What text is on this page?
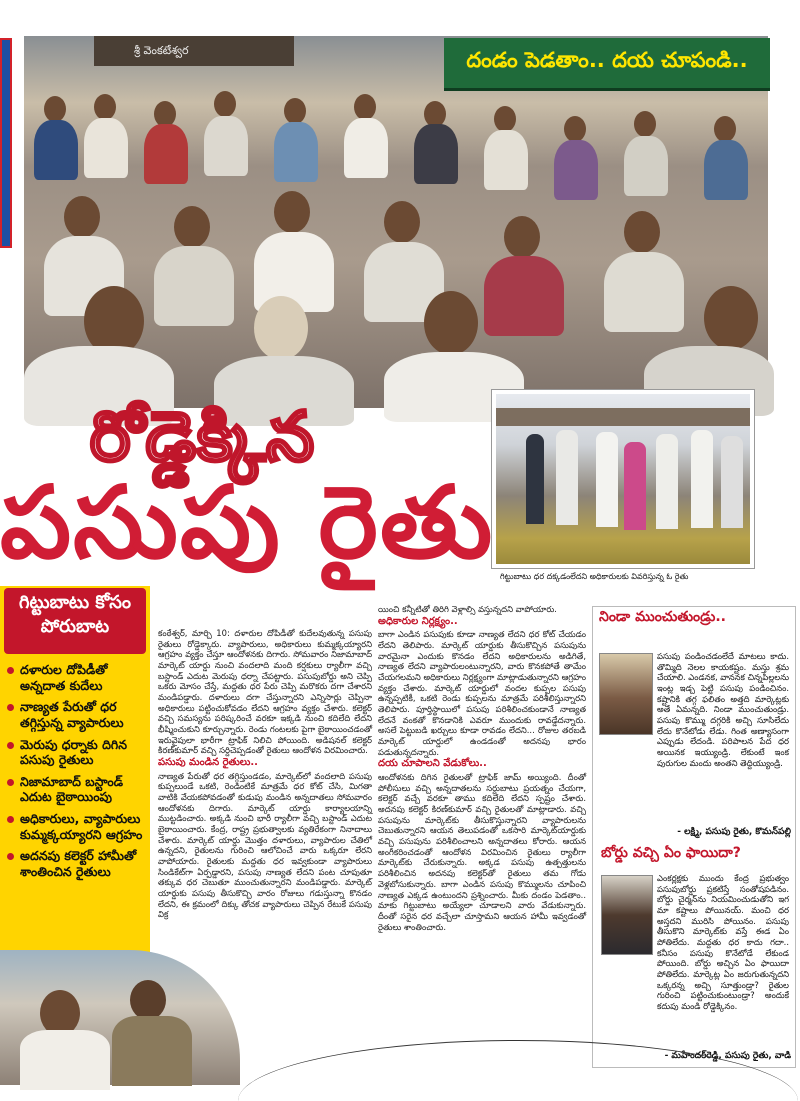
శ్రీ వెంకటేశ్వర	దండం పెడతాం.. దయ చూపండి..
గిట్టుబాటు ధర దక్కడంలేదని అధికారులకు వివరిస్తున్న ఓ రైతు
రోడ్డెక్కిన
పసుపు రైతు
గిట్టుబాటు కోసం పోరుబాట
దళారుల దోపిడీతో అన్నదాత కుదేలు
నాణ్యత పేరుతో ధర తగ్గిస్తున్న వ్యాపారులు
మెరుపు ధర్నాకు దిగిన పసుపు రైతులు
నిజామాబాద్ బస్టాండ్ ఎదుట బైఠాయింపు
అధికారులు, వ్యాపారులు కుమ్మక్కయ్యారని ఆగ్రహం
అదనపు కలెక్టర్ హామీతో శాంతించిన రైతులు

కంఠేశ్వర్, మార్చి 10: దళారుల దోపిడీతో కుదేలవుతున్న పసుపు రైతులు రోడ్డెక్కారు. వ్యాపారులు, అధికారులు కుమ్మక్కయ్యారని ఆగ్రహం వ్యక్తం చేస్తూ ఆందోళనకు దిగారు. సోమవారం నిజామాబాద్ మార్కెట్ యార్డు నుంచి వందలాది మంది కర్షకులు ర్యాలీగా వచ్చి బస్టాండ్ ఎదుట మెరుపు ధర్నా చేపట్టారు. పసుపుబోర్డు అని చెప్పి ఒకరు మోసం చేస్తే, మద్దతు ధర పేరు చెప్పి మరొకరు దగా చేశారని మండిపడ్డారు. దళారులు దగా చేస్తున్నారని ఎన్నిసార్లు చెప్పినా అధికారులు పట్టించుకోవడం లేదని ఆగ్రహం వ్యక్తం చేశారు. కలెక్టర్ వచ్చి సమస్యను పరిష్కరించే వరకూ ఇక్కడి నుంచి కదిలేది లేదని భీష్మించుకుని కూర్చున్నారు. రెండు గంటలకు పైగా బైఠాయించడంతో ఇరువైపులా భారీగా ట్రాఫిక్ నిలిచి పోయింది. అడిషనల్ కలెక్టర్ కిరణ్‌కుమార్ వచ్చి సర్దిచెప్పడంతో రైతులు ఆందోళన విరమించారు.

పసుపు మండిన రైతులు..

నాణ్యత పేరుతో ధర తగ్గిస్తుండడం, మార్కెట్‌లో వందలాది పసుపు కుప్పలుండే ఒకటి, రెండింటికే మాత్రమే ధర కోట్ చేసి, మిగతా వాటికి వేయకపోవడంతో కుడుపు మండిన అన్నదాతలు సోమవారం ఆందోళనకు దిగారు. మార్కెట్ యార్డు కార్యాలయాన్ని ముట్టడించారు. అక్కడి నుంచి భారీ ర్యాలీగా వచ్చి బస్టాండ్ ఎదుట బైఠాయించారు. కేంద్ర, రాష్ట్ర ప్రభుత్వాలకు వ్యతిరేకంగా నినాదాలు చేశారు. మార్కెట్ యార్డు మొత్తం దళారులు, వ్యాపారుల చేతిలో ఉన్నదని, రైతులను గురించి ఆలోచించే వారు ఒక్కరూ లేరని వాపోయారు. రైతులకు మద్దతు ధర ఇవ్వకుండా వ్యాపారులు సిండికేట్‌గా ఏర్పడ్డారని, పసుపు నాణ్యత లేదని పంట చూపుతూ తక్కువ ధర చెబుతూ ముంచుతున్నారని మండిపడ్డారు. మార్కెట్ యార్డుకు పసుపు తీసుకొచ్చి వారం రోజులు గడుస్తున్నా కొనడం లేదని, ఈ క్రమంలో దిక్కు తోచక వ్యాపారులు చెప్పిన రేటుకే పసుపు విక్ర

యించి కన్నీటితో తిరిగి వెళ్లాల్సి వస్తున్నదని వాపోయారు.

అధికారుల నిర్లక్ష్యం..

బాగా ఎండిన పసుపుకు కూడా నాణ్యత లేదని ధర కోట్ చేయడం లేదని తెలిపారు. మార్కెట్ యార్డుకు తీసుకొచ్చిన పసుపును వారమైనా ఎందుకు కొనడం లేదని అధికారులను అడిగితే, నాణ్యత లేదని వ్యాపారులంటున్నారని, వారు కొనకపోతే తామేం చేయగలమని అధికారులు నిర్లక్ష్యంగా మాట్లాడుతున్నారని ఆగ్రహం వ్యక్తం చేశారు. మార్కెట్ యార్డులో వందల కుప్పల పసుపు ఉన్నప్పటికీ, ఒకటి రెండు కుప్పలను మాత్రమే పరిశీలిస్తున్నారని తెలిపారు. పూర్తిస్థాయిలో పసుపు పరిశీలించకుండానే నాణ్యత లేదనే వంకతో కొనడానికి ఎవరూ ముందుకు రావడ్డేదన్నారు. అసలే పెట్టుబడి ఖర్చులు కూడా రావడం లేదని... రోజుల తరబడి మార్కెట్ యార్డులో ఉండడంతో అదనపు భారం పడుతున్నదన్నారు.

దయ చూపాలని వేడుకోలు..

ఆందోళనకు దిగిన రైతులతో ట్రాఫిక్ జామ్ అయ్యింది. దీంతో పోలీసులు వచ్చి అన్నదాతలను సర్దుబాటు ప్రయత్నం చేయగా, కలెక్టర్ వచ్చే వరకూ తాము కదిలేది లేదని స్పష్టం చేశారు. అదనపు కలెక్టర్ కిరణ్‌కుమార్ వచ్చి రైతులతో మాట్లాడారు. వచ్చి పసుపును మార్కెట్‌కు తీసుకొస్తున్నారని వ్యాపారులను చెబుతున్నారని ఆయన తెలుపడంతో ఒకసారి మార్కెట్‌యార్డుకు వచ్చి పసుపును పరిశీలించాలని అన్నదాతలు కోరారు. ఆయన అంగీకరించడంతో ఆందోళన విరమించిన రైతులు ర్యాలీగా మార్కెట్‌కు చేరుకున్నారు. అక్కడ పసుపు ఉత్పత్తులను పరిశీలించిన అదనపు కలెక్టర్‌తో రైతులు తమ గోడు వెళ్లబోసుకున్నారు. బాగా ఎండిన పసుపు కొమ్ములను చూపించి నాణ్యత ఎక్కడ ఉంటుందని ప్రశ్నించారు. మీకు దండం పెడతాం.. మాకు గిట్టుబాటు అయ్యేలా చూడాలని వారు వేడుకున్నారు. దీంతో సరైన ధర వచ్చేలా చూస్తామని ఆయన హామీ ఇవ్వడంతో రైతులు శాంతించారు.

నిండా ముంచుతుండ్రు..
పసుపు పండించడంలేదే మాటలు కాదు. తొమ్మిది నెలల కాయకష్టం. మస్తు శ్రమ చేయాలి. ఎండనక, వాననక చిన్నపిల్లలను ఇంట్ల ఇడ్చ పెట్టి పసుపు పండించినం. కష్టానికి తగ్గ ఫలితం అత్తది మార్కెట్లకు అతే ఏమన్నది. నిండా ముంచుతుండ్రు. పసుపు కొమ్ము దగ్గరికి అచ్చి సూసిలేదు లేదు కొనేటోడు లేడు. గింత అణ్యాసంగా ఎప్పుడు లేదండి. పరిపాలన పేద ధర అయినక ఇయ్యుండ్రి. లేకుంటే ఇంక పురుగుల మందు అంతని తెద్దియ్యుండ్రి.
- లక్ష్మి, పసుపు రైతు, కొమన్‌పల్లి
బోర్డు వచ్చి ఏం ఫాయిదా?
ఎంకర్లక్షకు ముందు కేంద్ర ప్రభుత్వం పసుపుబోర్డు ప్రకటిస్తే సంతోషపడినం. బోర్డు చైర్మన్‌ను నియమించుడుతోని ఇగ మా కష్టాలు పోయినయ్. మంచి ధర అస్తదని మురిసి పోయినం. పసుపు తీసుకొని మార్కెట్‌కు వస్తే ఈడ ఏం పోతిలేదు. మద్దతు ధర కాదు గదా.. కనీసం పసుపు కొనేటోడే లేకుండ పోయింది. బోర్డు అచ్చిన ఏం ఫాయిదా పోతిలేదు. మార్కెట్ల ఏం జరుగుతున్నదని ఒక్కరన్న అచ్చి సూత్తుండ్రా? రైతుల గురించి పట్టించుకుంటుండ్రా? అందుకే కదుపు మండి రోడ్డెక్కినం.
- మహేందర్‌రెడ్డి, పసుపు రైతు, వాడి
